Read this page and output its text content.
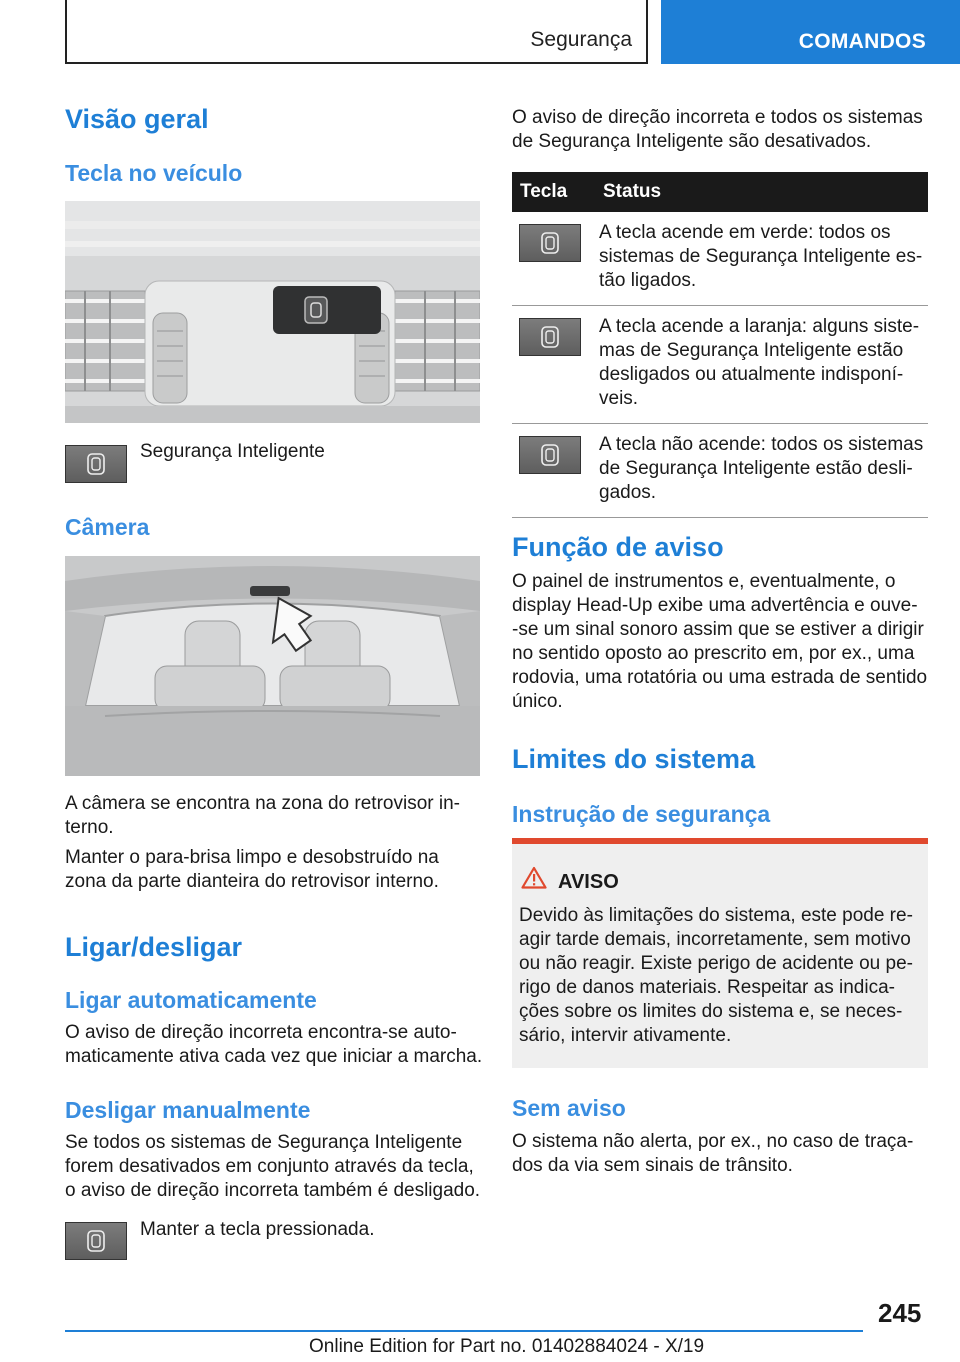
Segurança	COMANDOS
Visão geral
Tecla no veículo
Segurança Inteligente
Câmera
A câmera se encontra na zona do retrovisor in-
terno.
Manter o para-brisa limpo e desobstruído na
zona da parte dianteira do retrovisor interno.
Ligar/desligar
Ligar automaticamente
O aviso de direção incorreta encontra-se auto-
maticamente ativa cada vez que iniciar a marcha.
Desligar manualmente
Se todos os sistemas de Segurança Inteligente
forem desativados em conjunto através da tecla,
o aviso de direção incorreta também é desligado.
Manter a tecla pressionada.
O aviso de direção incorreta e todos os sistemas
de Segurança Inteligente são desativados.
Tecla	Status

A tecla acende em verde: todos os
sistemas de Segurança Inteligente es-
tão ligados.

A tecla acende a laranja: alguns siste-
mas de Segurança Inteligente estão
desligados ou atualmente indisponí-
veis.

A tecla não acende: todos os sistemas
de Segurança Inteligente estão desli-
gados.
Função de aviso
O painel de instrumentos e, eventualmente, o
display Head-Up exibe uma advertência e ouve-
-se um sinal sonoro assim que se estiver a dirigir
no sentido oposto ao prescrito em, por ex., uma
rodovia, uma rotatória ou uma estrada de sentido
único.
Limites do sistema
Instrução de segurança
AVISO
Devido às limitações do sistema, este pode re-
agir tarde demais, incorretamente, sem motivo
ou não reagir. Existe perigo de acidente ou pe-
rigo de danos materiais. Respeitar as indica-
ções sobre os limites do sistema e, se neces-
sário, intervir ativamente.
Sem aviso
O sistema não alerta, por ex., no caso de traça-
dos da via sem sinais de trânsito.
245
Online Edition for Part no. 01402884024 - X/19
